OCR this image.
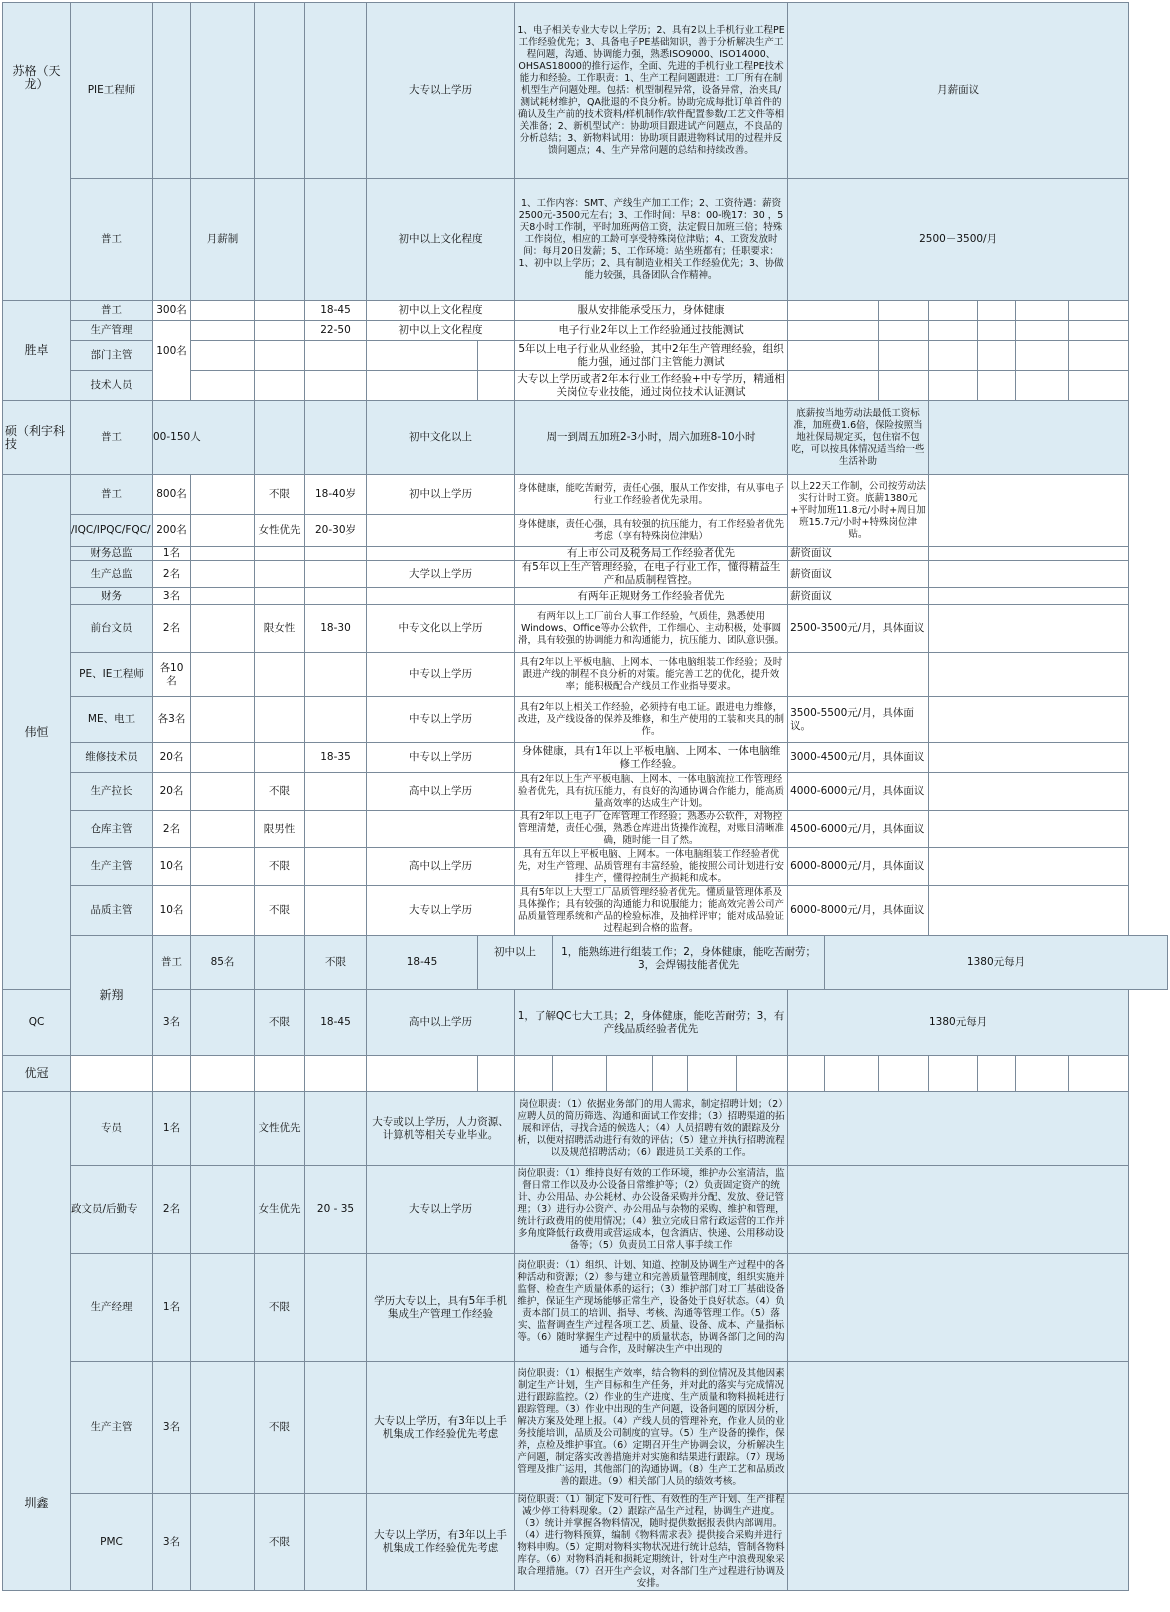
苏格（天龙）	PIE工程师					大专以上学历		1、电子相关专业大专以上学历；2、具有2以上手机行业工程PE工作经验优先；3、具备电子PE基础知识，善于分析解决生产工程问题，沟通、协调能力强，熟悉ISO9000、ISO14000、OHSAS18000的推行运作，全面、先进的手机行业工程PE技术能力和经验。工作职责：1、生产工程问题跟进：工厂所有在制机型生产问题处理。包括：机型制程异常，设备异常，治夹具/测试耗材维护，QA批退的不良分析。协助完成每批订单首件的确认及生产前的技术资料/样机制作/软件配置参数/工艺文件等相关准备；2、新机型试产：协助项目跟进试产问题点，不良品的分析总结；3、新物料试用：协助项目跟进物料试用的过程并反馈问题点；4、生产异常问题的总结和持续改善。						月薪面议						
	普工		月薪制			初中以上文化程度		1、工作内容：SMT、产线生产加工工作；2、工资待遇：薪资2500元-3500元左右；3、工作时间：早8：00-晚17：30 ，5天8小时工作制，平时加班两倍工资，法定假日加班三倍；特殊工作岗位，相应的工龄可享受特殊岗位津贴；4、工资发放时间：每月20日发薪；5、工作环境：站坐班都有；任职要求：1、初中以上学历；2、具有制造业相关工作经验优先；3、协做能力较强，具备团队合作精神。						2500－3500/月						
胜卓	普工	300名			18-45	初中以上文化程度		服从安排能承受压力，身体健康												
	生产管理				22-50	初中以上文化程度		电子行业2年以上工作经验通过技能测试												
	部门主管	100名						5年以上电子行业从业经验，其中2年生产管理经验，组织能力强，通过部门主管能力测试												
	技术人员							大专以上学历或者2年本行业工作经验+中专学历，精通相关岗位专业技能，通过岗位技术认证测试												
硕（利宇科技	普工	00-150人				初中文化以上		周一到周五加班2-3小时，周六加班8-10小时						底薪按当地劳动法最低工资标准，加班费1.6倍，保险按照当地社保局规定买，包住宿不包吃，可以按具体情况适当给一些生活补助						
伟恒	普工	800名		不限	18-40岁	初中以上学历		身体健康，能吃苦耐劳，责任心强，服从工作安排，有从事电子行业工作经验者优先录用。						以上22天工作制，公司按劳动法实行计时工资。底薪1380元+平时加班11.8元/小时+周日加班15.7元/小时+特殊岗位津贴。						
	/IQC/IPQC/FQC/	200名		女性优先	20-30岁			身体健康，责任心强，具有较强的抗压能力，有工作经验者优先考虑（享有特殊岗位津贴）												
	财务总监	1名						有上市公司及税务局工作经验者优先						薪资面议						
	生产总监	2名				大学以上学历		有5年以上生产管理经验，在电子行业工作，懂得精益生产和品质制程管控。						薪资面议						
	财务	3名						有两年正规财务工作经验者优先						薪资面议						
	前台文员	2名		限女性	18-30	中专文化以上学历		有两年以上工厂前台人事工作经验，气质佳，熟悉使用Windows、Office等办公软件，工作细心、主动积极，处事圆滑，具有较强的协调能力和沟通能力，抗压能力、团队意识强。						2500-3500元/月，具体面议						
	PE、IE工程师	各10名				中专以上学历		具有2年以上平板电脑、上网本、一体电脑组装工作经验；及时跟进产线的制程不良分析的对策。能完善工艺的优化，提升效率；能积极配合产线员工作业指导要求。												
	ME、电工	各3名				中专以上学历		具有2年以上相关工作经验，必须持有电工证。跟进电力维修，改进，及产线设备的保养及维修，和生产使用的工装和夹具的制作。						3500-5500元/月，具体面议。						
	维修技术员	20名			18-35	中专以上学历		身体健康，具有1年以上平板电脑、上网本、一体电脑维修工作经验。						3000-4500元/月，具体面议						
	生产拉长	20名		不限		高中以上学历		具有2年以上生产平板电脑、上网本、一体电脑流拉工作管理经验者优先，具有抗压能力，有良好的沟通协调合作能力，能高质量高效率的达成生产计划。						4000-6000元/月，具体面议						
	仓库主管	2名		限男性				具有2年以上电子厂仓库管理工作经验；熟悉办公软件，对物控管理清楚，责任心强，熟悉仓库进出货操作流程，对账目清晰准确，随时能一目了然。						4500-6000元/月，具体面议						
	生产主管	10名		不限		高中以上学历		具有五年以上平板电脑、上网本。一体电脑组装工作经验者优先，对生产管理、品质管理有丰富经验，能按照公司计划进行安排生产，懂得控制生产损耗和成本。						6000-8000元/月，具体面议						
	品质主管	10名		不限		大专以上学历		具有5年以上大型工厂品质管理经验者优先。懂质量管理体系及具体操作；具有较强的沟通能力和说服能力；能高效完善公司产品质量管理系统和产品的检验标准，及抽样评审；能对成品验证过程起到合格的监督。						6000-8000元/月，具体面议						
	新翔	普工	85名		不限	18-45	初中以上		1，能熟练进行组装工作；2，身体健康，能吃苦耐劳；3，会焊锡技能者优先						1380元每月					
QC		3名		不限	18-45	高中以上学历		1，了解QC七大工具；2，身体健康，能吃苦耐劳；3，有产线品质经验者优先						1380元每月						
优冠																				
圳鑫	专员	1名		文性优先		大专或以上学历，人力资源、计算机等相关专业毕业。		岗位职责：（1）依据业务部门的用人需求，制定招聘计划；（2）应聘人员的简历筛选、沟通和面试工作安排；（3）招聘渠道的拓展和评估，寻找合适的候选人；（4）人员招聘有效的跟踪及分析，以便对招聘活动进行有效的评估；（5）建立并执行招聘流程以及规范招聘活动；（6）跟进员工关系的工作。												
	政文员/后勤专	2名		女生优先	20 - 35	大专以上学历		岗位职责：（1）维持良好有效的工作环境，维护办公室清洁，监督日常工作以及办公设备日常维护等；（2）负责固定资产的统计、办公用品、办公耗材、办公设备采购并分配、发放、登记管理；（3）进行办公资产、办公用品与杂物的采购、维护和管理，统计行政费用的使用情况；（4）独立完成日常行政运营的工作并多角度降低行政费用或营运成本，包含酒店、快递、公用移动设备等；（5）负责员工日常人事手续工作												
	生产经理	1名		不限		学历大专以上，具有5年手机集成生产管理工作经验		岗位职责：（1）组织、计划、知道、控制及协调生产过程中的各种活动和资源；（2）参与建立和完善质量管理制度，组织实施并监督、检查生产质量体系的运行；（3）维护部门对工厂基础设备维护，保证生产现场能够正常生产，设备处于良好状态。（4）负责本部门员工的培训、指导、考核、沟通等管理工作。（5）落实、监督调查生产过程各项工艺、质量、设备、成本、产量指标等。（6）随时掌握生产过程中的质量状态，协调各部门之间的沟通与合作，及时解决生产中出现的												
	生产主管	3名		不限		大专以上学历，有3年以上手机集成工作经验优先考虑		岗位职责：（1）根据生产效率，结合物料的到位情况及其他因素制定生产计划，生产目标和生产任务，并对此的落实与完成情况进行跟踪监控。（2）作业的生产进度、生产质量和物料损耗进行跟踪管理。（3）作业中出现的生产问题，设备问题的原因分析，解决方案及处理上报。（4）产线人员的管理补充，作业人员的业务技能培训，品质及公司制度的宣导。（5）生产设备的操作，保养，点检及维护事宜。（6）定期召开生产协调会议，分析解决生产问题，制定落实改善措施并对实施和结果进行跟踪。（7）现场管理及推广运用，其他部门的沟通协调。（8）生产工艺和品质改善的跟进。（9）相关部门人员的绩效考核。												
	PMC	3名		不限		大专以上学历，有3年以上手机集成工作经验优先考虑		岗位职责：（1）制定下发可行性、有效性的生产计划、生产排程减少停工待料现象。（2）跟踪产品生产过程，协调生产进度。（3）统计并掌握各物料情况，随时提供数据报表供内部调用。（4）进行物料预算，编制《物料需求表》提供接合采购并进行物料申购。（5）定期对物料实物状况进行统计总结，管制各物料库存。（6）对物料消耗和损耗定期统计，针对生产中浪费现象采取合理措施。（7）召开生产会议，对各部门生产过程进行协调及安排。												
